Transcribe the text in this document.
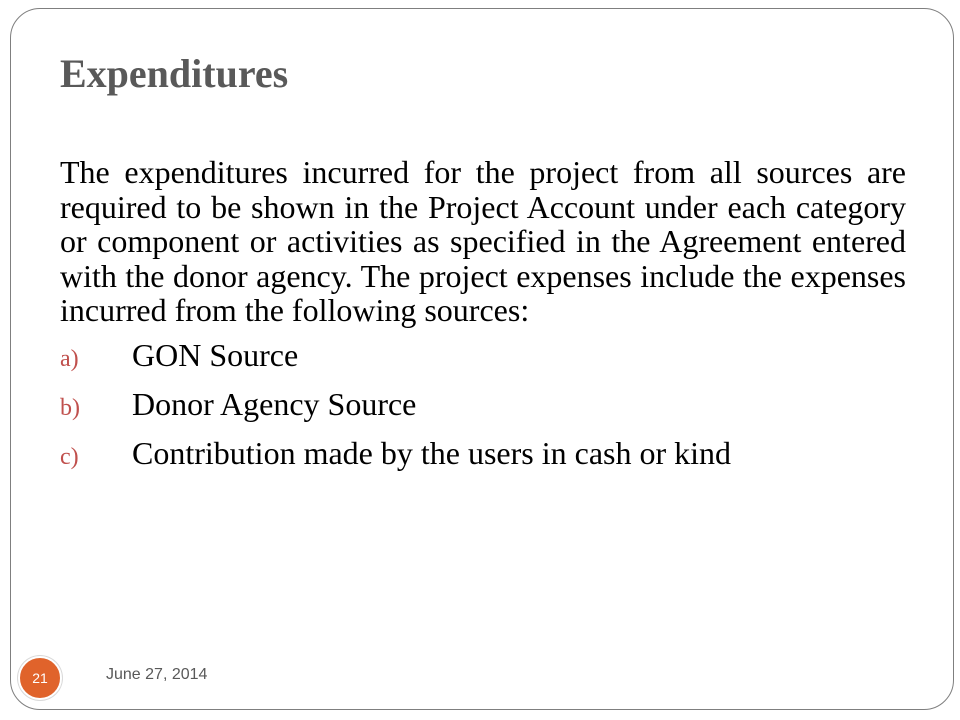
Expenditures

The expenditures incurred for the project from all sources are required to be shown in the Project Account under each category or component or activities as specified in the Agreement entered with the donor agency. The project expenses include the expenses incurred from the following sources:

a)	GON Source
b)	Donor Agency Source
c)	Contribution made by the users in cash or kind
21	June 27, 2014
